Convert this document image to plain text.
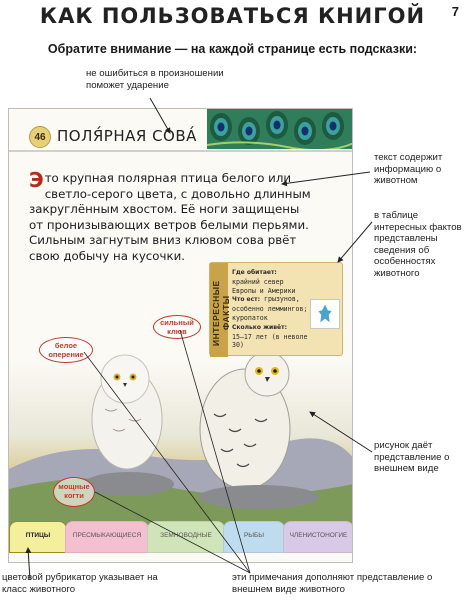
КАК ПОЛЬЗОВАТЬСЯ КНИГОЙ	7
Обратите внимание — на каждой странице есть подсказки:
не ошибиться в произношении поможет ударение
текст содержит информацию о животном
в таблице интересных фактов представлены сведения об особенностях животного
рисунок даёт представление о внешнем виде
цветовой рубрикатор указывает на класс животного
эти примечания дополняют представление о внешнем виде животного
46 ПОЛЯ́РНАЯ СОВА́
Это крупная полярная птица белого или светло-серого цвета, с довольно длинным закруглённым хвостом. Её ноги защищены от пронизывающих ветров белыми перьями. Сильным загнутым вниз клювом сова рвёт свою добычу на кусочки.
ИНТЕРЕСНЫЕ ФАКТЫ
Где обитает: крайний север Европы и Америки
Что ест: грызунов, особенно леммингов; куропаток
Сколько живёт:
15–17 лет (в неволе 30)
белое оперение
сильный клюв
мощные когти
ПТИЦЫ	ПРЕСМЫКАЮЩИЕСЯ	ЗЕМНОВОДНЫЕ	РЫБЫ	ЧЛЕНИСТОНОГИЕ
